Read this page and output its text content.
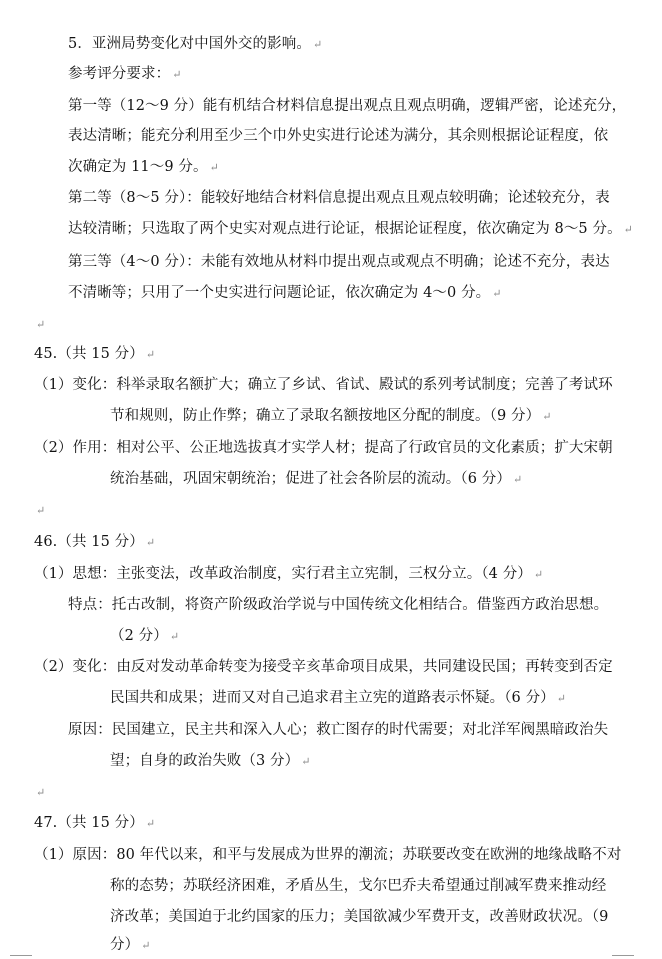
5．亚洲局势变化对中国外交的影响。 ↵
参考评分要求： ↵
第一等（12～9 分）能有机结合材料信息提出观点且观点明确，逻辑严密，论述充分，
表达清晰；能充分利用至少三个巾外史实进行论述为满分，其余则根据论证程度，依
次确定为 11～9 分。 ↵
第二等（8～5 分）：能较好地结合材料信息提出观点且观点较明确；论述较充分，表
达较清晰；只选取了两个史实对观点进行论证，根据论证程度，依次确定为 8～5 分。 ↵
第三等（4～0 分）：未能有效地从材料巾提出观点或观点不明确；论述不充分，表达
不清晰等；只用了一个史实进行问题论证，依次确定为 4～0 分。 ↵
↵
45.（共 15 分） ↵
（1）变化：科举录取名额扩大；确立了乡试、省试、殿试的系列考试制度；完善了考试环
节和规则，防止作弊；确立了录取名额按地区分配的制度。（9 分） ↵
（2）作用：相对公平、公正地选拔真才实学人材；提高了行政官员的文化素质；扩大宋朝
统治基础，巩固宋朝统治；促进了社会各阶层的流动。（6 分） ↵
↵
46.（共 15 分） ↵
（1）思想：主张变法，改革政治制度，实行君主立宪制，三权分立。（4 分） ↵
特点：托古改制，将资产阶级政治学说与中国传统文化相结合。借鉴西方政治思想。
（2 分） ↵
（2）变化：由反对发动革命转变为接受辛亥革命项目成果，共同建设民国；再转变到否定
民国共和成果；进而又对自己追求君主立宪的道路表示怀疑。（6 分） ↵
原因：民国建立，民主共和深入人心；救亡图存的时代需要；对北洋军阀黑暗政治失
望；自身的政治失败（3 分） ↵
↵
47.（共 15 分） ↵
（1）原因：80 年代以来，和平与发展成为世界的潮流；苏联要改变在欧洲的地缘战略不对
称的态势；苏联经济困难，矛盾丛生，戈尔巴乔夫希望通过削减军费来推动经
济改革；美国迫于北约国家的压力；美国欲减少军费开支，改善财政状况。（9
分） ↵
